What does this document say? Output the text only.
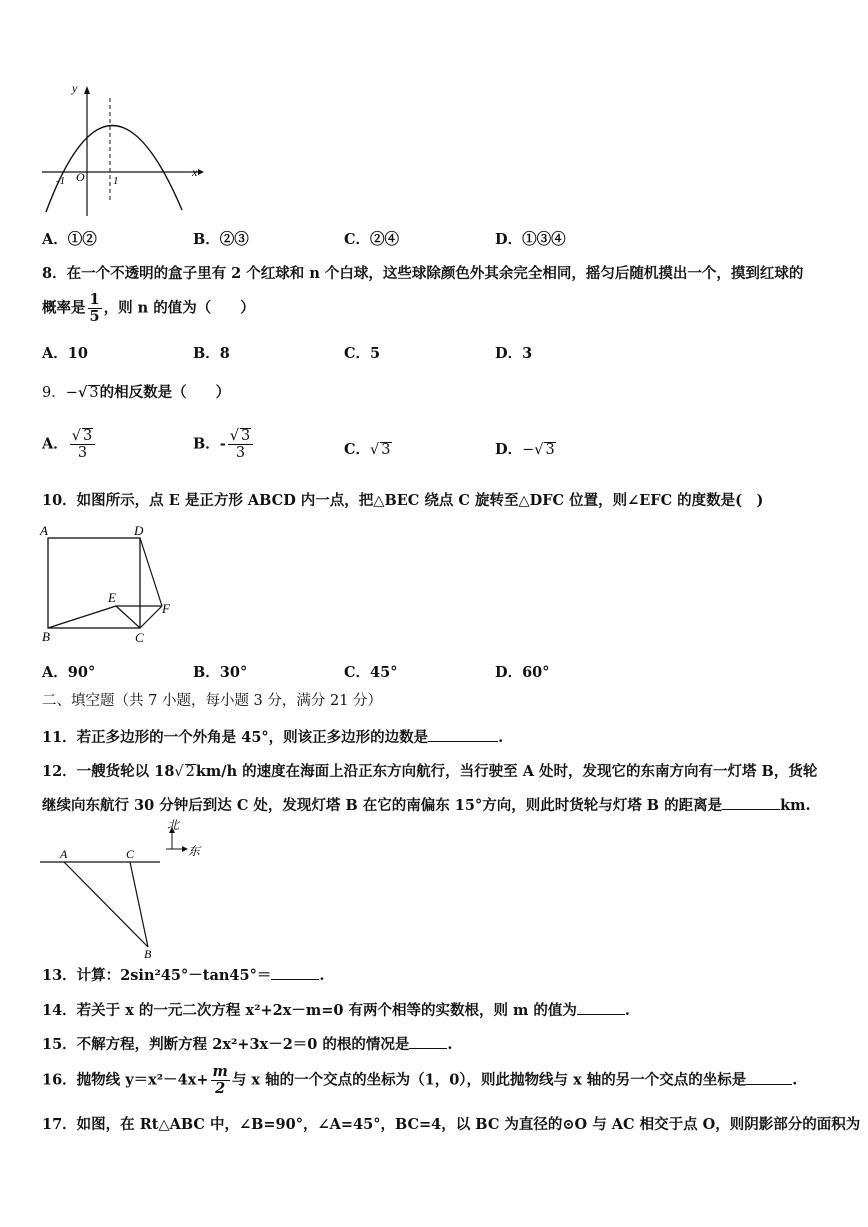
y
x
O
-1	1
A．①②	B．②③	C．②④	D．①③④
8．在一个不透明的盒子里有 2 个红球和 n 个白球，这些球除颜色外其余完全相同，摇匀后随机摸出一个，摸到红球的
概率是 $\frac{1}{5}$ ，则 n 的值为（　　）
A．10	B．8	C．5	D．3
9．−√ 3的相反数是（　　）
A． $\frac{√ 3}{3}$	B．- $\frac{√ 3}{3}$	C．√ 3	D．−√ 3
10．如图所示，点 E 是正方形 ABCD 内一点，把△BEC 绕点 C 旋转至△DFC 位置，则∠EFC 的度数是(　)
A	D
E
F
B	C
A．90°	B．30°	C．45°	D．60°
二、填空题（共 7 小题，每小题 3 分，满分 21 分）
11．若正多边形的一个外角是 45°，则该正多边形的边数是	.
12．一艘货轮以 18√ 2km/h 的速度在海面上沿正东方向航行，当行驶至 A 处时，发现它的东南方向有一灯塔 B，货轮
继续向东航行 30 分钟后到达 C 处，发现灯塔 B 在它的南偏东 15°方向，则此时货轮与灯塔 B 的距离是	km.
北
东
A	C
B
13．计算：2sin²45°－tan45°＝	.
14．若关于 x 的一元二次方程 x²+2x－m=0 有两个相等的实数根，则 m 的值为	.
15．不解方程，判断方程 2x²+3x－2＝0 的根的情况是	.
16．抛物线 $y=x^2-4x+ \frac{m}{2}$ 与 x 轴的一个交点的坐标为（1，0），则此抛物线与 x 轴的另一个交点的坐标是	.
17．如图，在 Rt△ABC 中，∠B=90°，∠A=45°，BC=4，以 BC 为直径的⊙O 与 AC 相交于点 O，则阴影部分的面积为
